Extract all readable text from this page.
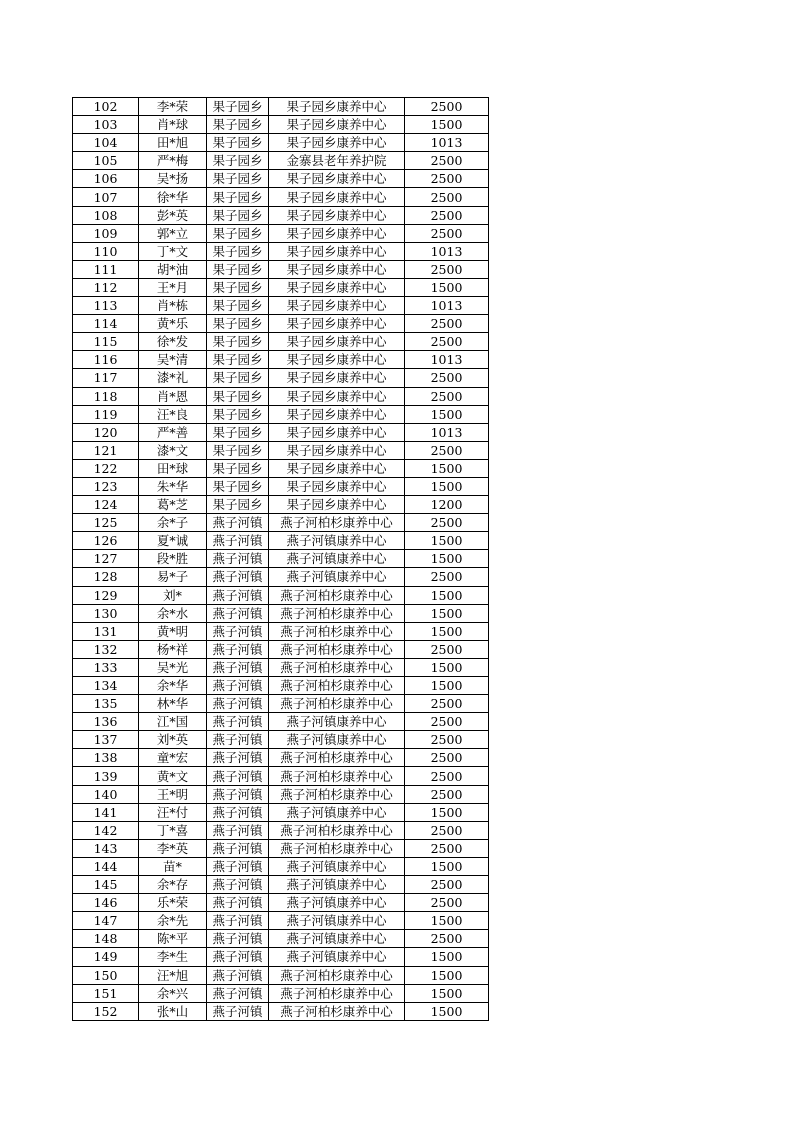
102	李*荣	果子园乡	果子园乡康养中心	2500
103	肖*球	果子园乡	果子园乡康养中心	1500
104	田*旭	果子园乡	果子园乡康养中心	1013
105	严*梅	果子园乡	金寨县老年养护院	2500
106	吴*扬	果子园乡	果子园乡康养中心	2500
107	徐*华	果子园乡	果子园乡康养中心	2500
108	彭*英	果子园乡	果子园乡康养中心	2500
109	郭*立	果子园乡	果子园乡康养中心	2500
110	丁*文	果子园乡	果子园乡康养中心	1013
111	胡*油	果子园乡	果子园乡康养中心	2500
112	王*月	果子园乡	果子园乡康养中心	1500
113	肖*栋	果子园乡	果子园乡康养中心	1013
114	黄*乐	果子园乡	果子园乡康养中心	2500
115	徐*发	果子园乡	果子园乡康养中心	2500
116	吴*清	果子园乡	果子园乡康养中心	1013
117	漆*礼	果子园乡	果子园乡康养中心	2500
118	肖*恩	果子园乡	果子园乡康养中心	2500
119	汪*良	果子园乡	果子园乡康养中心	1500
120	严*善	果子园乡	果子园乡康养中心	1013
121	漆*文	果子园乡	果子园乡康养中心	2500
122	田*球	果子园乡	果子园乡康养中心	1500
123	朱*华	果子园乡	果子园乡康养中心	1500
124	葛*芝	果子园乡	果子园乡康养中心	1200
125	余*子	燕子河镇	燕子河柏杉康养中心	2500
126	夏*诚	燕子河镇	燕子河镇康养中心	1500
127	段*胜	燕子河镇	燕子河镇康养中心	1500
128	易*子	燕子河镇	燕子河镇康养中心	2500
129	刘*	燕子河镇	燕子河柏杉康养中心	1500
130	余*水	燕子河镇	燕子河柏杉康养中心	1500
131	黄*明	燕子河镇	燕子河柏杉康养中心	1500
132	杨*祥	燕子河镇	燕子河柏杉康养中心	2500
133	吴*光	燕子河镇	燕子河柏杉康养中心	1500
134	余*华	燕子河镇	燕子河柏杉康养中心	1500
135	林*华	燕子河镇	燕子河柏杉康养中心	2500
136	江*国	燕子河镇	燕子河镇康养中心	2500
137	刘*英	燕子河镇	燕子河镇康养中心	2500
138	童*宏	燕子河镇	燕子河柏杉康养中心	2500
139	黄*文	燕子河镇	燕子河柏杉康养中心	2500
140	王*明	燕子河镇	燕子河柏杉康养中心	2500
141	汪*付	燕子河镇	燕子河镇康养中心	1500
142	丁*喜	燕子河镇	燕子河柏杉康养中心	2500
143	李*英	燕子河镇	燕子河柏杉康养中心	2500
144	苗*	燕子河镇	燕子河镇康养中心	1500
145	余*存	燕子河镇	燕子河镇康养中心	2500
146	乐*荣	燕子河镇	燕子河镇康养中心	2500
147	余*先	燕子河镇	燕子河镇康养中心	1500
148	陈*平	燕子河镇	燕子河镇康养中心	2500
149	李*生	燕子河镇	燕子河镇康养中心	1500
150	汪*旭	燕子河镇	燕子河柏杉康养中心	1500
151	余*兴	燕子河镇	燕子河柏杉康养中心	1500
152	张*山	燕子河镇	燕子河柏杉康养中心	1500
